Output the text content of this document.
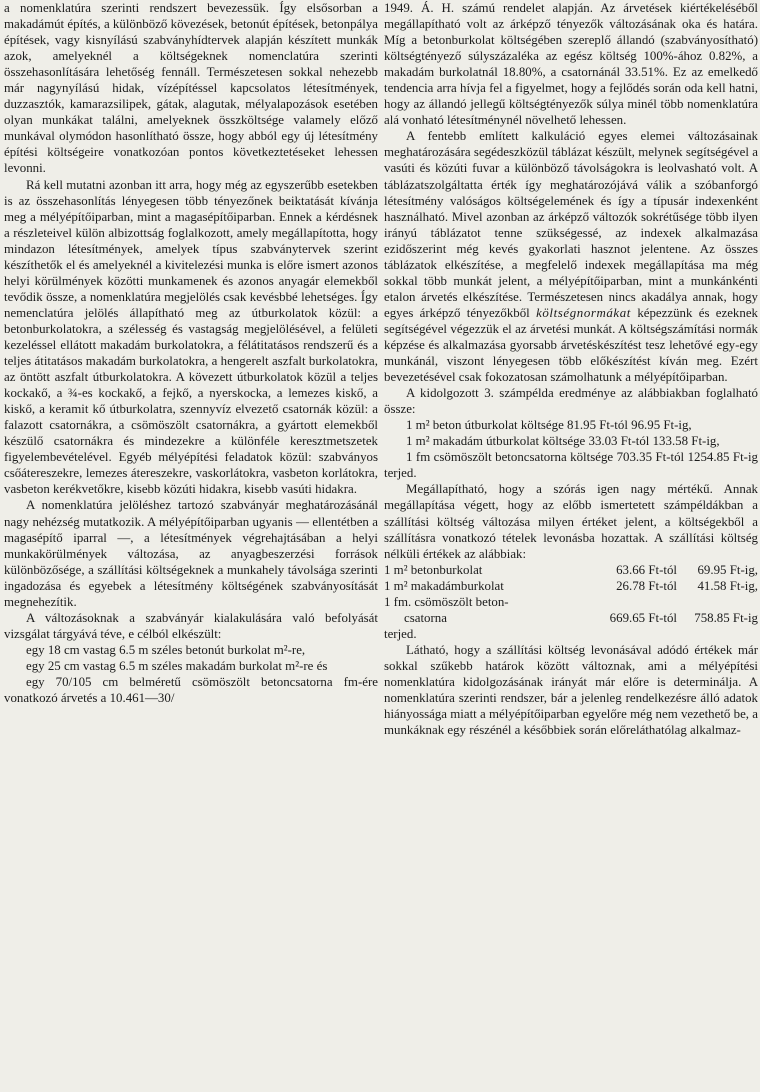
a nomenklatúra szerinti rendszert bevezessük. Így elsősorban a makadámút építés, a különböző kövezések, betonút építések, betonpálya építések, vagy kisnyílású szabványhídtervek alapján készített munkák azok, amelyeknél a költségeknek nomenclatúra szerinti összehasonlítására lehetőség fennáll. Természetesen sokkal nehezebb már nagynyílású hidak, vízépítéssel kapcsolatos létesítmények, duzzasztók, kamarazsilipek, gátak, alagutak, mélyalapozások esetében olyan munkákat találni, amelyeknek összköltsége valamely előző munkával olymódon hasonlítható össze, hogy abból egy új létesítmény építési költségeire vonatkozóan pontos következtetéseket lehessen levonni.

Rá kell mutatni azonban itt arra, hogy még az egyszerűbb esetekben is az összehasonlítás lényegesen több tényezőnek beiktatását kívánja meg a mélyépítőiparban, mint a magasépítőiparban. Ennek a kérdésnek a részleteivel külön albizottság foglalkozott, amely megállapította, hogy mindazon létesítmények, amelyek típus szabványtervek szerint készíthetők el és amelyeknél a kivitelezési munka is előre ismert azonos helyi körülmények közötti munkamenek és azonos anyagár elemekből tevődik össze, a nomenklatúra megjelölés csak kevésbbé lehetséges. Így nemenclatúra jelölés állapítható meg az útburkolatok közül: a betonburkolatokra, a szélesség és vastagság megjelölésével, a felületi kezeléssel ellátott makadám burkolatokra, a félátitatásos rendszerű és a teljes átitatásos makadám burkolatokra, a hengerelt aszfalt burkolatokra, az öntött aszfalt útburkolatokra. A kövezett útburkolatok közül a teljes kockakő, a ¾-es kockakő, a fejkő, a nyerskocka, a lemezes kiskő, a kiskő, a keramit kő útburkolatra, szennyvíz elvezető csatornák közül: a falazott csatornákra, a csömöszölt csatornákra, a gyártott elemekből készülő csatornákra és mindezekre a különféle keresztmetszetek figyelembevételével. Egyéb mélyépítési feladatok közül: szabványos csőátereszekre, lemezes átereszekre, vaskorlátokra, vasbeton korlátokra, vasbeton kerékvetőkre, kisebb közúti hidakra, kisebb vasúti hidakra.

A nomenklatúra jelöléshez tartozó szabványár meghatározásánál nagy nehézség mutatkozik. A mélyépítőiparban ugyanis — ellentétben a magasépítő iparral —, a létesítmények végrehajtásában a helyi munkakörülmények változása, az anyagbeszerzési források különbözősége, a szállítási költségeknek a munkahely távolsága szerinti ingadozása és egyebek a létesítmény költségének szabványosítását megnehezítik.

A változásoknak a szabványár kialakulására való befolyását vizsgálat tárgyává téve, e célból elkészült:

egy 18 cm vastag 6.5 m széles betonút burkolat m²-re,

egy 25 cm vastag 6.5 m széles makadám burkolat m²-re és

egy 70/105 cm belméretű csömöszölt betoncsatorna fm-ére vonatkozó árvetés a 10.461—30/

1949. Á. H. számú rendelet alapján. Az árvetések kiértékeléséből megállapítható volt az árképző tényezők változásának oka és határa. Míg a betonburkolat költségében szereplő állandó (szabványosítható) költségtényező súlyszázaléka az egész költség 100%-ához 0.82%, a makadám burkolatnál 18.80%, a csatornánál 33.51%. Ez az emelkedő tendencia arra hívja fel a figyelmet, hogy a fejlődés során oda kell hatni, hogy az állandó jellegű költségtényezők súlya minél több nomenklatúra alá vonható létesítménynél növelhető lehessen.

A fentebb említett kalkuláció egyes elemei változásainak meghatározására segédeszközül táblázat készült, melynek segítségével a vasúti és közúti fuvar a különböző távolságokra is leolvasható volt. A táblázatszolgáltatta érték így meghatározójává válik a szóbanforgó létesítmény valóságos költségelemének és így a típusár indexenként használható. Mivel azonban az árképző változók sokrétűsége több ilyen irányú táblázatot tenne szükségessé, az indexek alkalmazása ezidőszerint még kevés gyakorlati hasznot jelentene. Az összes táblázatok elkészítése, a megfelelő indexek megállapítása ma még sokkal több munkát jelent, a mélyépítőiparban, mint a munkánkénti etalon árvetés elkészítése. Természetesen nincs akadálya annak, hogy egyes árképző tényezőkből költségnormákat képezzünk és ezeknek segítségével végezzük el az árvetési munkát. A költségszámítási normák képzése és alkalmazása gyorsabb árvetéskészítést tesz lehetővé egy-egy munkánál, viszont lényegesen több előkészítést kíván meg. Ezért bevezetésével csak fokozatosan számolhatunk a mélyépítőiparban.

A kidolgozott 3. számpélda eredménye az alábbiakban foglalható össze:

1 m² beton útburkolat költsége 81.95 Ft-tól 96.95 Ft-ig,

1 m² makadám útburkolat költsége 33.03 Ft-tól 133.58 Ft-ig,

1 fm csömöszölt betoncsatorna költsége 703.35 Ft-tól 1254.85 Ft-ig terjed.

Megállapítható, hogy a szórás igen nagy mértékű. Annak megállapítása végett, hogy az előbb ismertetett számpéldákban a szállítási költség változása milyen értéket jelent, a költségekből a szállításra vonatkozó tételek levonásba hozattak. A szállítási költség nélküli értékek az alábbiak:

1 m² betonburkolat	63.66 Ft-tól	69.95 Ft-ig,
1 m² makadámburkolat	26.78 Ft-tól	41.58 Ft-ig,
1 fm. csömöszölt beton-
csatorna	669.65 Ft-tól	758.85 Ft-ig

terjed.

Látható, hogy a szállítási költség levonásával adódó értékek már sokkal szűkebb határok között változnak, ami a mélyépítési nomenklatúra kidolgozásának irányát már előre is determinálja. A nomenklatúra szerinti rendszer, bár a jelenleg rendelkezésre álló adatok hiányossága miatt a mélyépítőiparban egyelőre még nem vezethető be, a munkáknak egy részénél a későbbiek során előreláthatólag alkalmaz-
